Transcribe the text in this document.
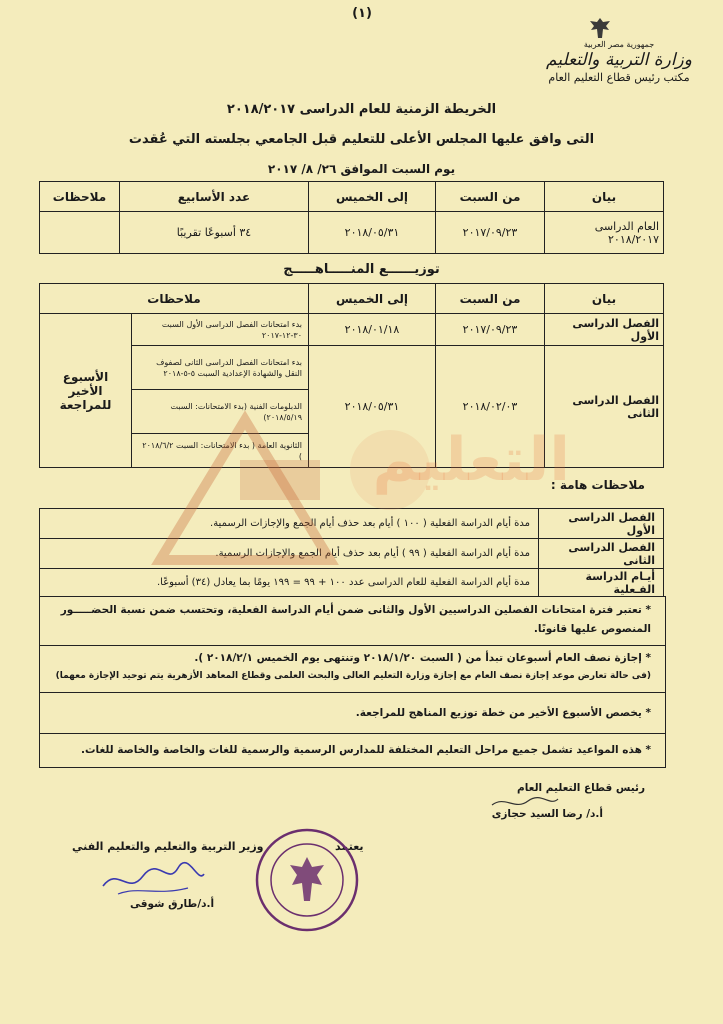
(١)
جمهورية مصر العربية
وزارة التربية والتعليم
مكتب رئيس قطاع التعليم العام
الخريطة الزمنية للعام الدراسى ٢٠١٨/٢٠١٧
التى وافق عليها المجلس الأعلى للتعليم قبل الجامعي بجلسته التي عُقدت
يوم السبت الموافق ٢٦/ ٨/ ٢٠١٧
بيان	من السبت	إلى الخميس	عدد الأسابيع	ملاحظات
العام الدراسى ٢٠١٨/٢٠١٧	٢٠١٧/٠٩/٢٣	٢٠١٨/٠٥/٣١	٣٤ أسبوعًا تقريبًا	
توزيــــــع المنـــــاهـــــج
بيان	من السبت	إلى الخميس	ملاحظات	
الفصل الدراسى الأول	٢٠١٧/٠٩/٢٣	٢٠١٨/٠١/١٨	بدء امتحانات الفصل الدراسى الأول السبت ٣٠-١٢-٢٠١٧	الأسبوع الأخير للمراجعة
الفصل الدراسى الثانى	٢٠١٨/٠٢/٠٣	٢٠١٨/٠٥/٣١	بدء امتحانات الفصل الدراسى الثانى لصفوف النقل والشهادة الإعدادية السبت ٥-٥-٢٠١٨	
			الدبلومات الفنية (بدء الامتحانات: السبت ٢٠١٨/٥/١٩)	
			الثانوية العامة ( بدء الامتحانات: السبت ٢٠١٨/٦/٢ )	
ملاحظات هامة :
الفصل الدراسى الأول	مدة أيام الدراسة الفعلية ( ١٠٠ ) أيام بعد حذف أيام الجمع والإجازات الرسمية.
الفصل الدراسى الثانى	مدة أيام الدراسة الفعلية ( ٩٩ ) أيام بعد حذف أيام الجمع والإجازات الرسمية.
أيـام الدراسة الفـعلية	مدة أيام الدراسة الفعلية للعام الدراسى عدد ١٠٠ + ٩٩ = ١٩٩ يومًا بما يعادل (٣٤) أسبوعًا.
* تعتبر فترة امتحانات الفصلين الدراسيين الأول والثانى ضمن أيام الدراسة الفعلية، وتحتسب ضمن نسبة الحضـــــور
المنصوص عليها قانونًا.
* إجازة نصف العام أسبوعان تبدأ من ( السبت ٢٠١٨/١/٢٠ وتنتهى يوم الخميس ٢٠١٨/٢/١ ).
(فى حالة تعارض موعد إجازة نصف العام مع إجازة وزارة التعليم العالى والبحث العلمى وقطاع المعاهد الأزهرية يتم توحيد الإجازة معهما)
* يخصص الأسبوع الأخير من خطة توزيع المناهج للمراجعة.
* هذه المواعيد تشمل جميع مراحل التعليم المختلفة للمدارس الرسمية والرسمية للغات والخاصة والخاصة للغات.
التعليم
رئيس قطاع التعليم العام
أ.د/ رضا السيد حجازى
يعتمد
وزير التربية والتعليم والتعليم الفني
أ.د/طارق شوقى
